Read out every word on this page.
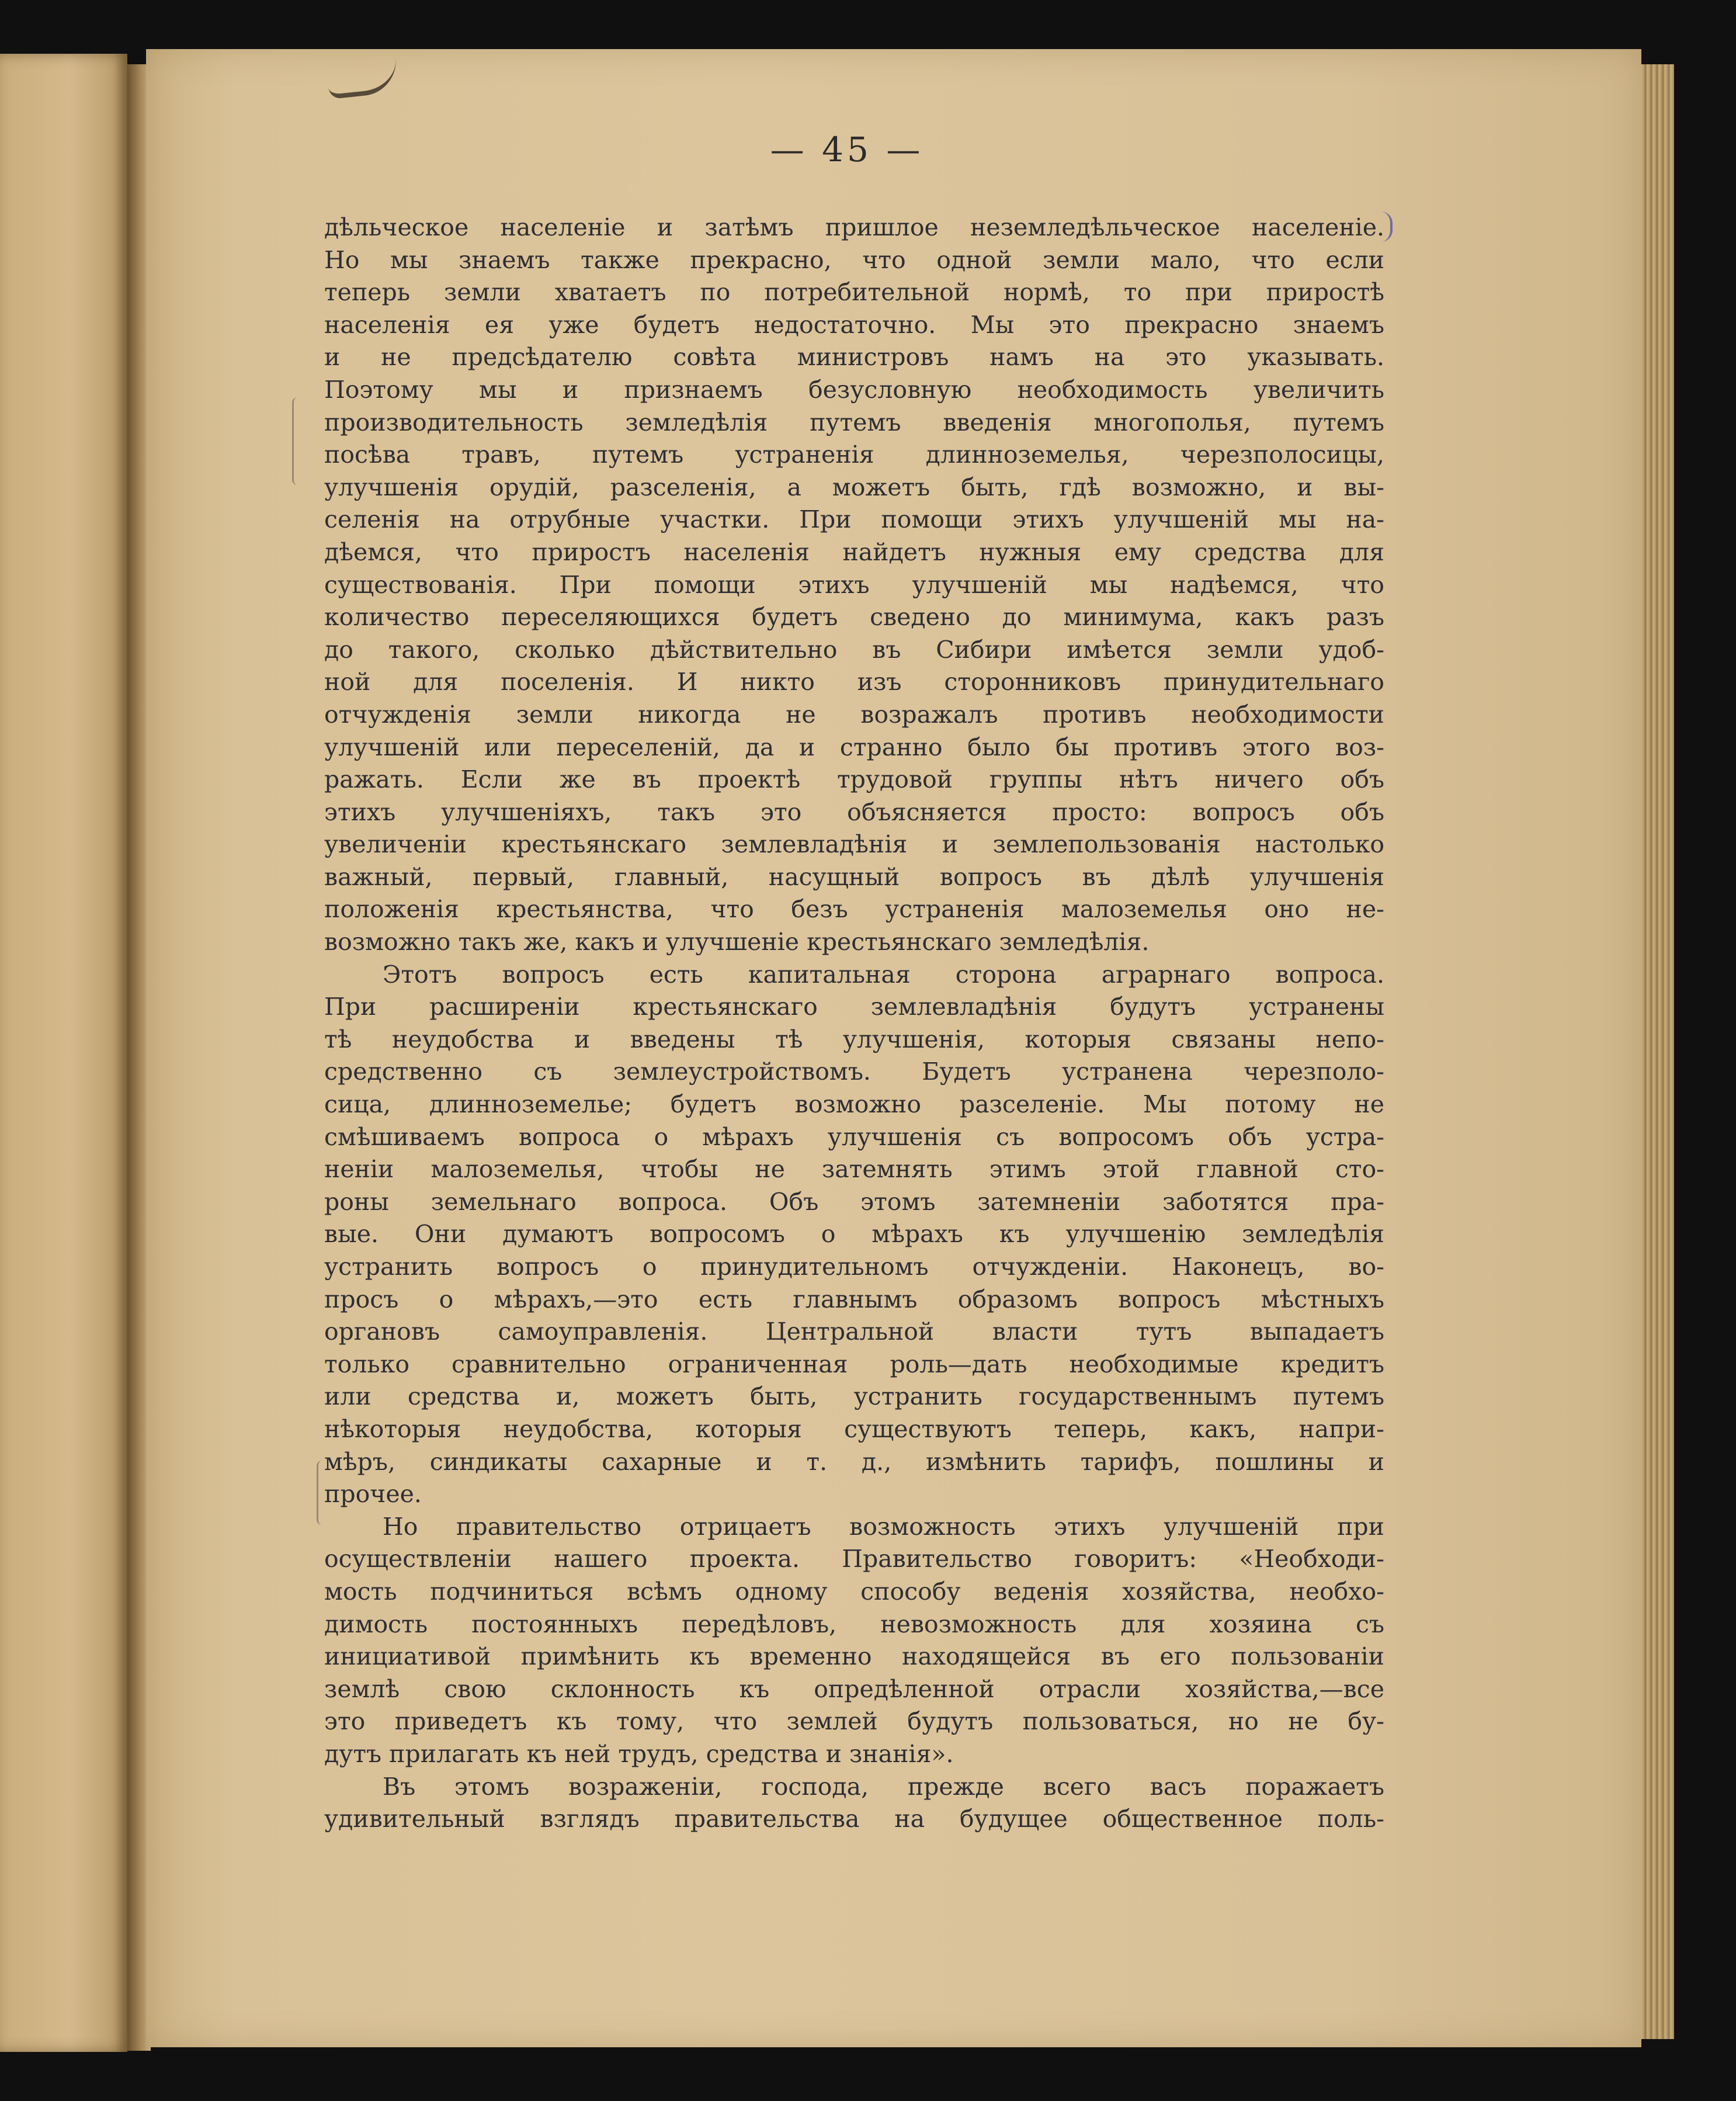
— 45 —
дѣльческое населеніе и затѣмъ пришлое неземледѣльческое населеніе.
Но мы знаемъ также прекрасно, что одной земли мало, что если
теперь земли хватаетъ по потребительной нормѣ, то при приростѣ
населенія ея уже будетъ недостаточно. Мы это прекрасно знаемъ
и не предсѣдателю совѣта министровъ намъ на это указывать.
Поэтому мы и признаемъ безусловную необходимость увеличить
производительность земледѣлія путемъ введенія многополья, путемъ
посѣва травъ, путемъ устраненія длинноземелья, черезполосицы,
улучшенія орудій, разселенія, а можетъ быть, гдѣ возможно, и вы-
селенія на отрубные участки. При помощи этихъ улучшеній мы на-
дѣемся, что приростъ населенія найдетъ нужныя ему средства для
существованія. При помощи этихъ улучшеній мы надѣемся, что
количество переселяющихся будетъ сведено до минимума, какъ разъ
до такого, сколько дѣйствительно въ Сибири имѣется земли удоб-
ной для поселенія. И никто изъ сторонниковъ принудительнаго
отчужденія земли никогда не возражалъ противъ необходимости
улучшеній или переселеній, да и странно было бы противъ этого воз-
ражать. Если же въ проектѣ трудовой группы нѣтъ ничего объ
этихъ улучшеніяхъ, такъ это объясняется просто: вопросъ объ
увеличеніи крестьянскаго землевладѣнія и землепользованія настолько
важный, первый, главный, насущный вопросъ въ дѣлѣ улучшенія
положенія крестьянства, что безъ устраненія малоземелья оно не-
возможно такъ же, какъ и улучшеніе крестьянскаго земледѣлія.
Этотъ вопросъ есть капитальная сторона аграрнаго вопроса.
При расширеніи крестьянскаго землевладѣнія будутъ устранены
тѣ неудобства и введены тѣ улучшенія, которыя связаны непо-
средственно съ землеустройствомъ. Будетъ устранена черезполо-
сица, длинноземелье; будетъ возможно разселеніе. Мы потому не
смѣшиваемъ вопроса о мѣрахъ улучшенія съ вопросомъ объ устра-
неніи малоземелья, чтобы не затемнять этимъ этой главной сто-
роны земельнаго вопроса. Объ этомъ затемненіи заботятся пра-
вые. Они думаютъ вопросомъ о мѣрахъ къ улучшенію земледѣлія
устранить вопросъ о принудительномъ отчужденіи. Наконецъ, во-
просъ о мѣрахъ,—это есть главнымъ образомъ вопросъ мѣстныхъ
органовъ самоуправленія. Центральной власти тутъ выпадаетъ
только сравнительно ограниченная роль—дать необходимые кредитъ
или средства и, можетъ быть, устранить государственнымъ путемъ
нѣкоторыя неудобства, которыя существуютъ теперь, какъ, напри-
мѣръ, синдикаты сахарные и т. д., измѣнить тарифъ, пошлины и
прочее.
Но правительство отрицаетъ возможность этихъ улучшеній при
осуществленіи нашего проекта. Правительство говоритъ: «Необходи-
мость подчиниться всѣмъ одному способу веденія хозяйства, необхо-
димость постоянныхъ передѣловъ, невозможность для хозяина съ
инициативой примѣнить къ временно находящейся въ его пользованіи
землѣ свою склонность къ опредѣленной отрасли хозяйства,—все
это приведетъ къ тому, что землей будутъ пользоваться, но не бу-
дутъ прилагать къ ней трудъ, средства и знанія».
Въ этомъ возраженіи, господа, прежде всего васъ поражаетъ
удивительный взглядъ правительства на будущее общественное поль-
